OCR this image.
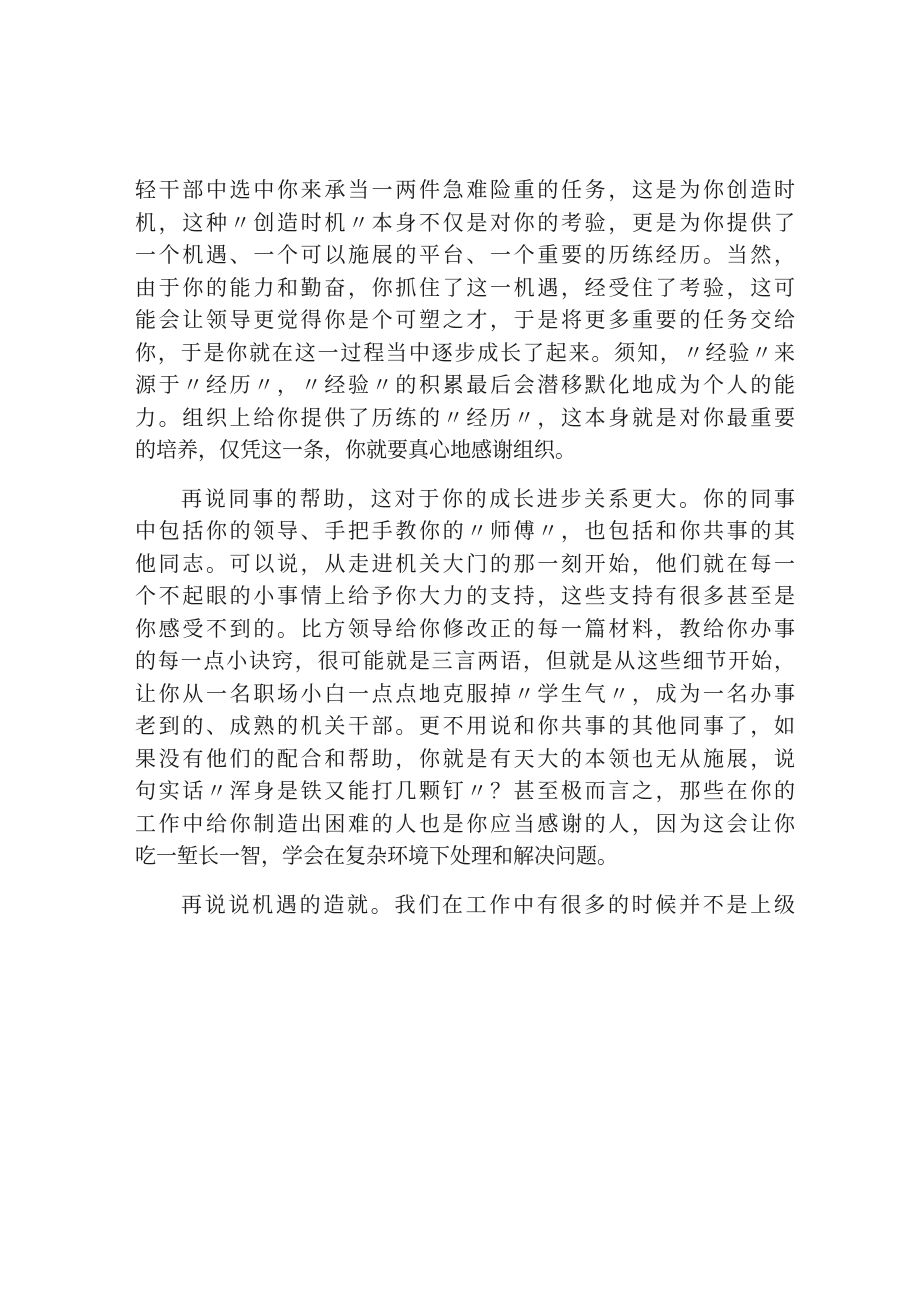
轻干部中选中你来承当一两件急难险重的任务，这是为你创造时
机，这种〃创造时机〃本身不仅是对你的考验，更是为你提供了
一个机遇、一个可以施展的平台、一个重要的历练经历。当然，
由于你的能力和勤奋，你抓住了这一机遇，经受住了考验，这可
能会让领导更觉得你是个可塑之才，于是将更多重要的任务交给
你，于是你就在这一过程当中逐步成长了起来。须知，〃经验〃来
源于〃经历〃，〃经验〃的积累最后会潜移默化地成为个人的能
力。组织上给你提供了历练的〃经历〃，这本身就是对你最重要
的培养，仅凭这一条，你就要真心地感谢组织。
再说同事的帮助，这对于你的成长进步关系更大。你的同事
中包括你的领导、手把手教你的〃师傅〃，也包括和你共事的其
他同志。可以说，从走进机关大门的那一刻开始，他们就在每一
个不起眼的小事情上给予你大力的支持，这些支持有很多甚至是
你感受不到的。比方领导给你修改正的每一篇材料，教给你办事
的每一点小诀窍，很可能就是三言两语，但就是从这些细节开始，
让你从一名职场小白一点点地克服掉〃学生气〃，成为一名办事
老到的、成熟的机关干部。更不用说和你共事的其他同事了，如
果没有他们的配合和帮助，你就是有天大的本领也无从施展，说
句实话〃浑身是铁又能打几颗钉〃？甚至极而言之，那些在你的
工作中给你制造出困难的人也是你应当感谢的人，因为这会让你
吃一堑长一智，学会在复杂环境下处理和解决问题。
再说说机遇的造就。我们在工作中有很多的时候并不是上级
